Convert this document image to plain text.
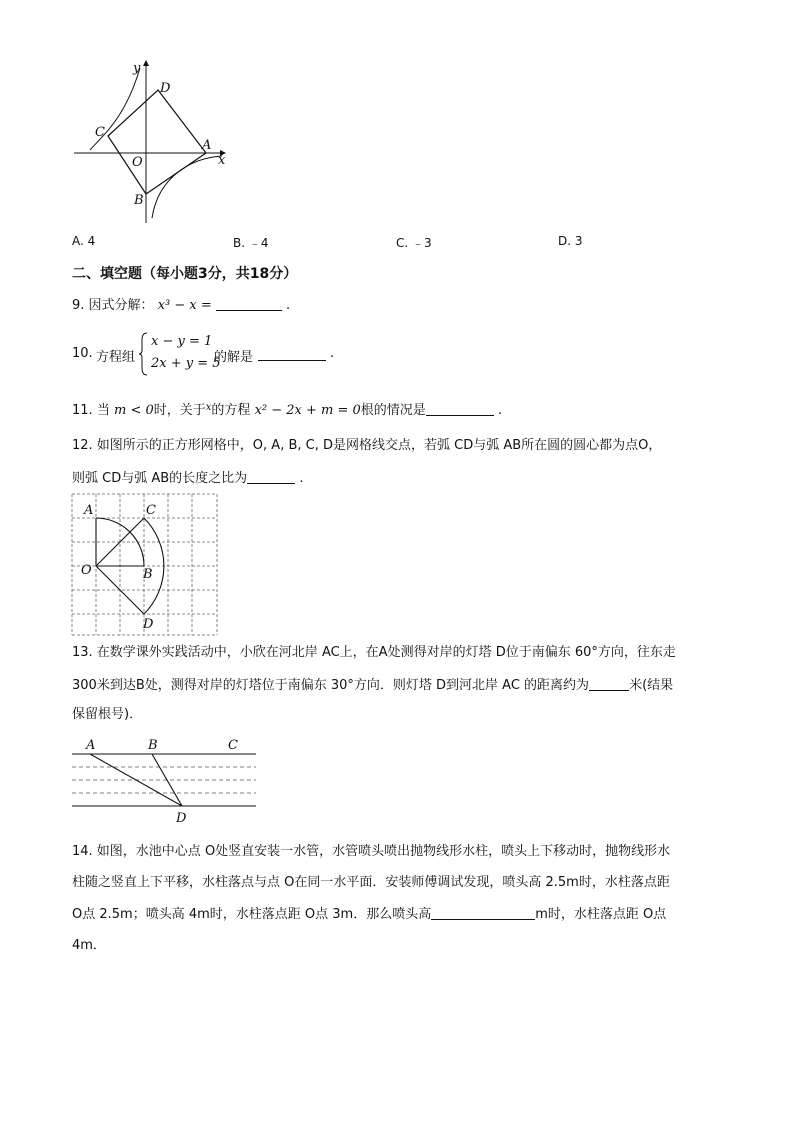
y
x
D
C
O
A
B
A. 4	B. ﹣4	C. ﹣3	D. 3
二、填空题（每小题3分，共18分）
9. 因式分解： x³ − x =	.
10. 方程组
x − y = 1
2x + y = 5
的解是	.
11. 当 m < 0时，关于$^x$的方程 x² − 2x + m = 0根的情况是	.
12. 如图所示的正方形网格中，O, A, B, C, D是网格线交点，若弧 CD与弧 AB所在圆的圆心都为点O，
则弧 CD与弧 AB的长度之比为	.
A	C
O	B
D
13. 在数学课外实践活动中，小欣在河北岸 AC上，在A处测得对岸的灯塔 D位于南偏东 60°方向，往东走
300米到达B处，测得对岸的灯塔位于南偏东 30°方向．则灯塔 D到河北岸 AC 的距离约为	米(结果
保留根号)．
A	B	C
D
14. 如图，水池中心点 O处竖直安装一水管，水管喷头喷出抛物线形水柱，喷头上下移动时，抛物线形水
柱随之竖直上下平移，水柱落点与点 O在同一水平面．安装师傅调试发现，喷头高 2.5m时，水柱落点距
O点 2.5m；喷头高 4m时，水柱落点距 O点 3m．那么喷头高	m时，水柱落点距 O点
4m．
